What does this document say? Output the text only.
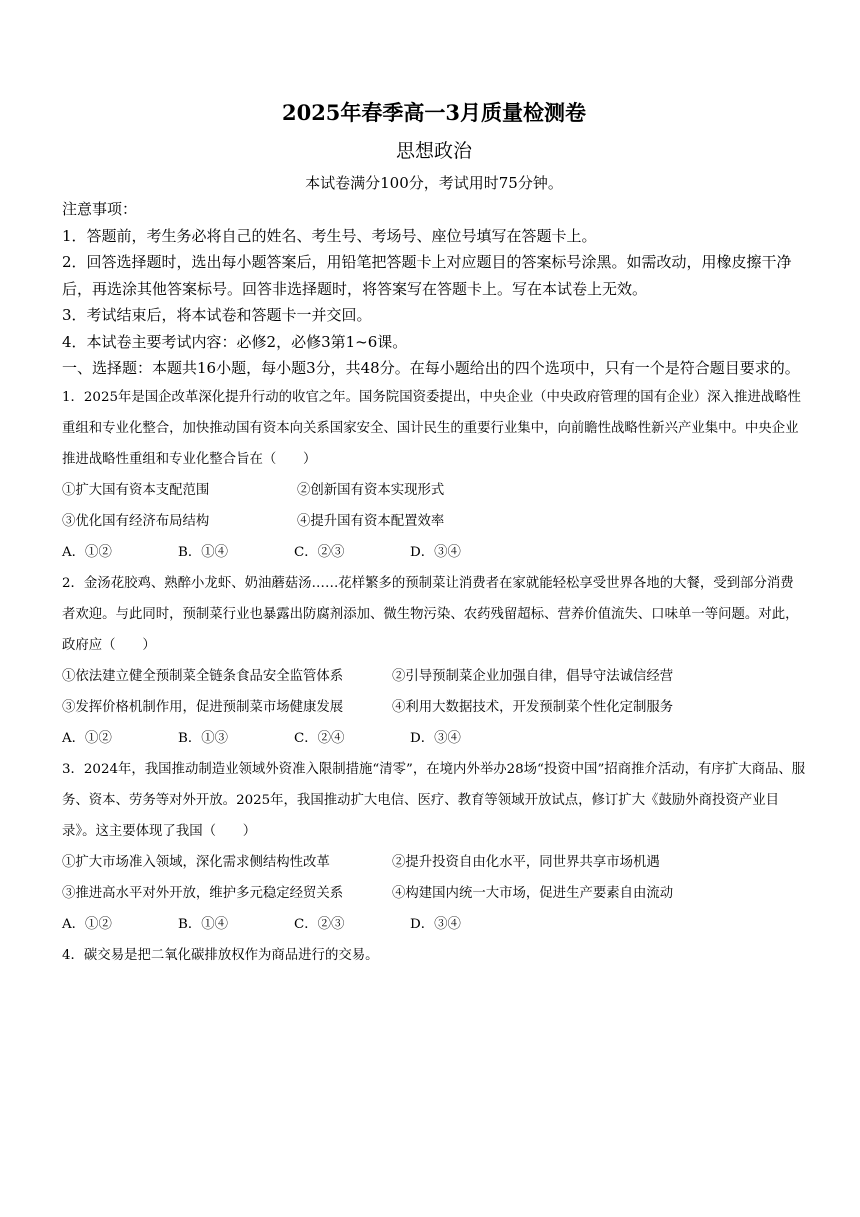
2025年春季高一3月质量检测卷
思想政治
本试卷满分100分，考试用时75分钟。

注意事项：

1．答题前，考生务必将自己的姓名、考生号、考场号、座位号填写在答题卡上。

2．回答选择题时，选出每小题答案后，用铅笔把答题卡上对应题目的答案标号涂黑。如需改动，用橡皮擦干净后，再选涂其他答案标号。回答非选择题时，将答案写在答题卡上。写在本试卷上无效。

3．考试结束后，将本试卷和答题卡一并交回。

4．本试卷主要考试内容：必修2，必修3第1~6课。

一、选择题：本题共16小题，每小题3分，共48分。在每小题给出的四个选项中，只有一个是符合题目要求的。

1．2025年是国企改革深化提升行动的收官之年。国务院国资委提出，中央企业（中央政府管理的国有企业）深入推进战略性重组和专业化整合，加快推动国有资本向关系国家安全、国计民生的重要行业集中，向前瞻性战略性新兴产业集中。中央企业推进战略性重组和专业化整合旨在（　　）

①扩大国有资本支配范围	②创新国有资本实现形式
③优化国有经济布局结构	④提升国有资本配置效率
A．①②	B．①④	C．②③	D．③④

2．金汤花胶鸡、熟醉小龙虾、奶油蘑菇汤……花样繁多的预制菜让消费者在家就能轻松享受世界各地的大餐，受到部分消费者欢迎。与此同时，预制菜行业也暴露出防腐剂添加、微生物污染、农药残留超标、营养价值流失、口味单一等问题。对此，政府应（　　）

①依法建立健全预制菜全链条食品安全监管体系	②引导预制菜企业加强自律，倡导守法诚信经营
③发挥价格机制作用，促进预制菜市场健康发展	④利用大数据技术，开发预制菜个性化定制服务
A．①②	B．①③	C．②④	D．③④

3．2024年，我国推动制造业领域外资准入限制措施“清零”，在境内外举办28场“投资中国”招商推介活动，有序扩大商品、服务、资本、劳务等对外开放。2025年，我国推动扩大电信、医疗、教育等领域开放试点，修订扩大《鼓励外商投资产业目录》。这主要体现了我国（　　）

①扩大市场准入领域，深化需求侧结构性改革	②提升投资自由化水平，同世界共享市场机遇
③推进高水平对外开放，维护多元稳定经贸关系	④构建国内统一大市场，促进生产要素自由流动
A．①②	B．①④	C．②③	D．③④

4．碳交易是把二氧化碳排放权作为商品进行的交易。
